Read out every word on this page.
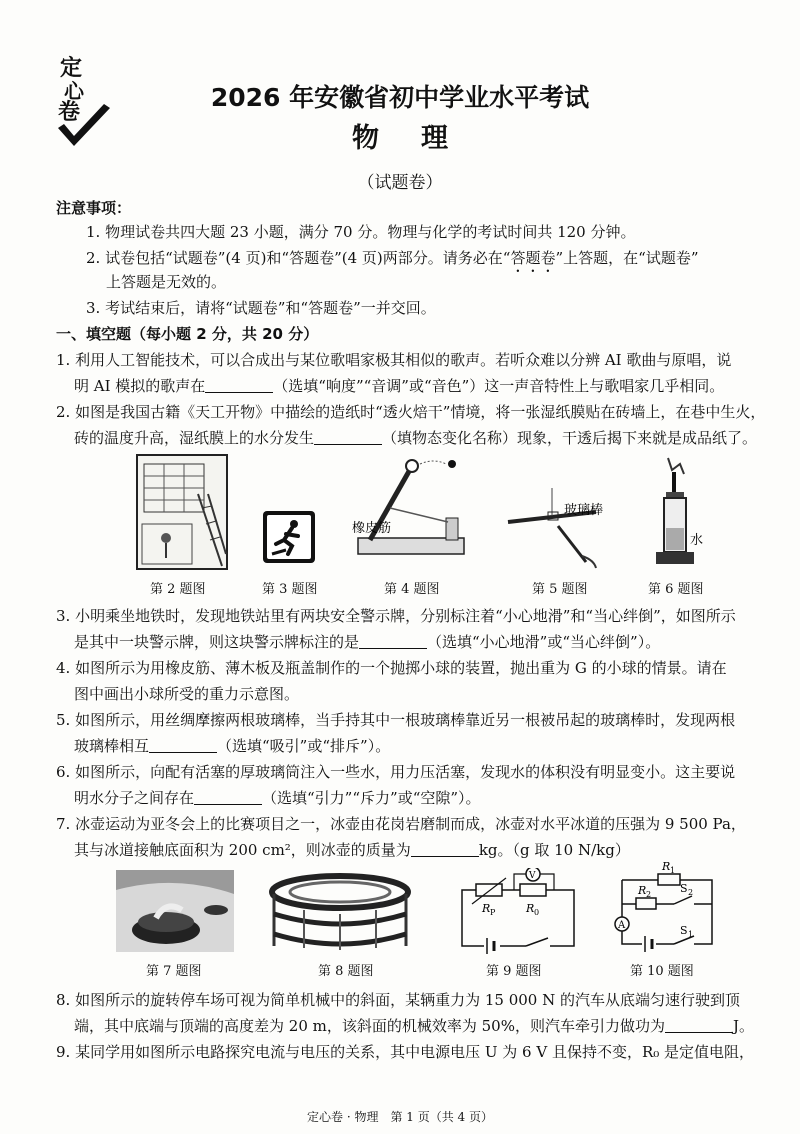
定
心
卷
2026 年安徽省初中学业水平考试
物理
（试题卷）
注意事项：
1. 物理试卷共四大题 23 小题，满分 70 分。物理与化学的考试时间共 120 分钟。
2. 试卷包括“试题卷”(4 页)和“答题卷”(4 页)两部分。请务必在“答题卷”上答题，在“试题卷”
上答题是无效的。
3. 考试结束后，请将“试题卷”和“答题卷”一并交回。
一、填空题（每小题 2 分，共 20 分）
1. 利用人工智能技术，可以合成出与某位歌唱家极其相似的歌声。若听众难以分辨 AI 歌曲与原唱，说
明 AI 模拟的歌声在	（选填“响度”“音调”或“音色”）这一声音特性上与歌唱家几乎相同。
2. 如图是我国古籍《天工开物》中描绘的造纸时“透火焙干”情境，将一张湿纸膜贴在砖墙上，在巷中生火，
砖的温度升高，湿纸膜上的水分发生	（填物态变化名称）现象，干透后揭下来就是成品纸了。
橡皮筋
玻璃棒
水
第 2 题图	第 3 题图	第 4 题图	第 5 题图	第 6 题图
3. 小明乘坐地铁时，发现地铁站里有两块安全警示牌，分别标注着“小心地滑”和“当心绊倒”，如图所示
是其中一块警示牌，则这块警示牌标注的是	（选填“小心地滑”或“当心绊倒”）。
4. 如图所示为用橡皮筋、薄木板及瓶盖制作的一个抛掷小球的装置，抛出重为 G 的小球的情景。请在
图中画出小球所受的重力示意图。
5. 如图所示，用丝绸摩擦两根玻璃棒，当手持其中一根玻璃棒靠近另一根被吊起的玻璃棒时，发现两根
玻璃棒相互	（选填“吸引”或“排斥”）。
6. 如图所示，向配有活塞的厚玻璃筒注入一些水，用力压活塞，发现水的体积没有明显变小。这主要说
明水分子之间存在	（选填“引力”“斥力”或“空隙”）。
7. 冰壶运动为亚冬会上的比赛项目之一，冰壶由花岗岩磨制而成，冰壶对水平冰道的压强为 9 500 Pa，
其与冰道接触底面积为 200 cm²，则冰壶的质量为	kg。（g 取 10 N/kg）
V
R P	R 0
A
R 1
R 2	S 2
S 1
第 7 题图	第 8 题图	第 9 题图	第 10 题图
8. 如图所示的旋转停车场可视为简单机械中的斜面，某辆重力为 15 000 N 的汽车从底端匀速行驶到顶
端，其中底端与顶端的高度差为 20 m，该斜面的机械效率为 50%，则汽车牵引力做功为	J。
9. 某同学用如图所示电路探究电流与电压的关系，其中电源电压 U 为 6 V 且保持不变，R₀ 是定值电阻，
定心卷 · 物理　第 1 页（共 4 页）
